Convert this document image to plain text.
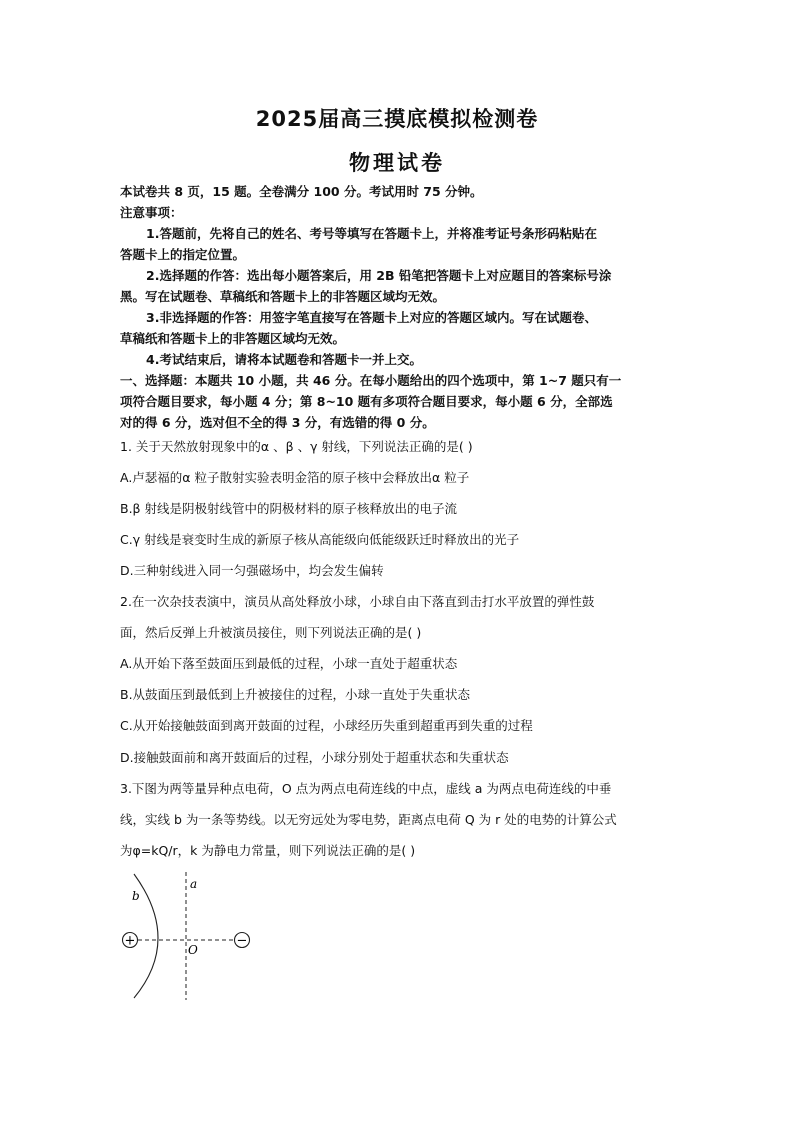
2025届高三摸底模拟检测卷
物理试卷
本试卷共 8 页，15 题。全卷满分 100 分。考试用时 75 分钟。
注意事项：
1.答题前，先将自己的姓名、考号等填写在答题卡上，并将准考证号条形码粘贴在
答题卡上的指定位置。
2.选择题的作答：选出每小题答案后，用 2B 铅笔把答题卡上对应题目的答案标号涂
黑。写在试题卷、草稿纸和答题卡上的非答题区域均无效。
3.非选择题的作答：用签字笔直接写在答题卡上对应的答题区域内。写在试题卷、
草稿纸和答题卡上的非答题区域均无效。
4.考试结束后，请将本试题卷和答题卡一并上交。
一、选择题：本题共 10 小题，共 46 分。在每小题给出的四个选项中，第 1~7 题只有一
项符合题目要求，每小题 4 分；第 8~10 题有多项符合题目要求，每小题 6 分，全部选
对的得 6 分，选对但不全的得 3 分，有选错的得 0 分。
1. 关于天然放射现象中的α 、β 、γ 射线，下列说法正确的是( )
A.卢瑟福的α 粒子散射实验表明金箔的原子核中会释放出α 粒子
B.β 射线是阴极射线管中的阴极材料的原子核释放出的电子流
C.γ 射线是衰变时生成的新原子核从高能级向低能级跃迁时释放出的光子
D.三种射线进入同一匀强磁场中，均会发生偏转
2.在一次杂技表演中，演员从高处释放小球，小球自由下落直到击打水平放置的弹性鼓
面，然后反弹上升被演员接住，则下列说法正确的是( )
A.从开始下落至鼓面压到最低的过程，小球一直处于超重状态
B.从鼓面压到最低到上升被接住的过程，小球一直处于失重状态
C.从开始接触鼓面到离开鼓面的过程，小球经历失重到超重再到失重的过程
D.接触鼓面前和离开鼓面后的过程，小球分别处于超重状态和失重状态
3.下图为两等量异种点电荷，O 点为两点电荷连线的中点，虚线 a 为两点电荷连线的中垂
线，实线 b 为一条等势线。以无穷远处为零电势，距离点电荷 Q 为 r 处的电势的计算公式
为φ=kQ/r，k 为静电力常量，则下列说法正确的是( )
+	−
a
b
O
